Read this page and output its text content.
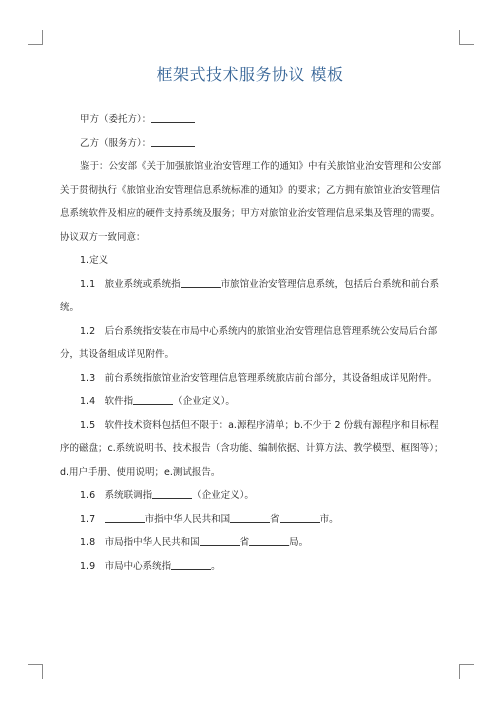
框架式技术服务协议 模板

甲方（委托方）：

乙方（服务方）：

鉴于：公安部《关于加强旅馆业治安管理工作的通知》中有关旅馆业治安管理和公安部关于贯彻执行《旅馆业治安管理信息系统标准的通知》的要求；乙方拥有旅馆业治安管理信息系统软件及相应的硬件支持系统及服务；甲方对旅馆业治安管理信息采集及管理的需要。协议双方一致同意：

1.定义

1.1　旅业系统或系统指	市旅馆业治安管理信息系统，包括后台系统和前台系统。

1.2　后台系统指安装在市局中心系统内的旅馆业治安管理信息管理系统公安局后台部分，其设备组成详见附件。

1.3　前台系统指旅馆业治安管理信息管理系统旅店前台部分，其设备组成详见附件。

1.4　软件指	（企业定义）。

1.5　软件技术资料包括但不限于：a.源程序清单；b.不少于 2 份载有源程序和目标程序的磁盘；c.系统说明书、技术报告（含功能、编制依据、计算方法、教学模型、框图等）；d.用户手册、使用说明；e.测试报告。

1.6　系统联调指	（企业定义）。

1.7　	市指中华人民共和国	省	市。

1.8　市局指中华人民共和国	省	局。

1.9　市局中心系统指	。
